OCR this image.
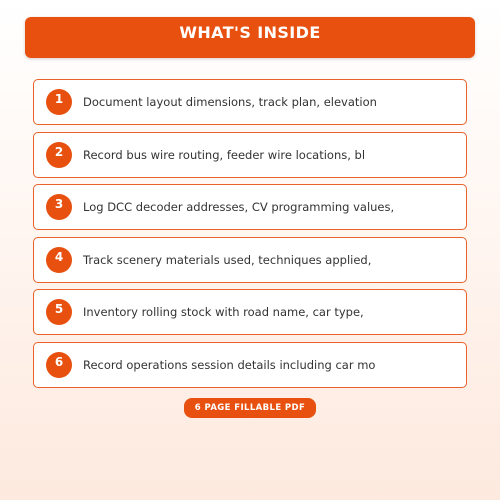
WHAT'S INSIDE
1	Document layout dimensions, track plan, elevation
2	Record bus wire routing, feeder wire locations, bl
3	Log DCC decoder addresses, CV programming values,
4	Track scenery materials used, techniques applied,
5	Inventory rolling stock with road name, car type,
6	Record operations session details including car mo
6 PAGE FILLABLE PDF
